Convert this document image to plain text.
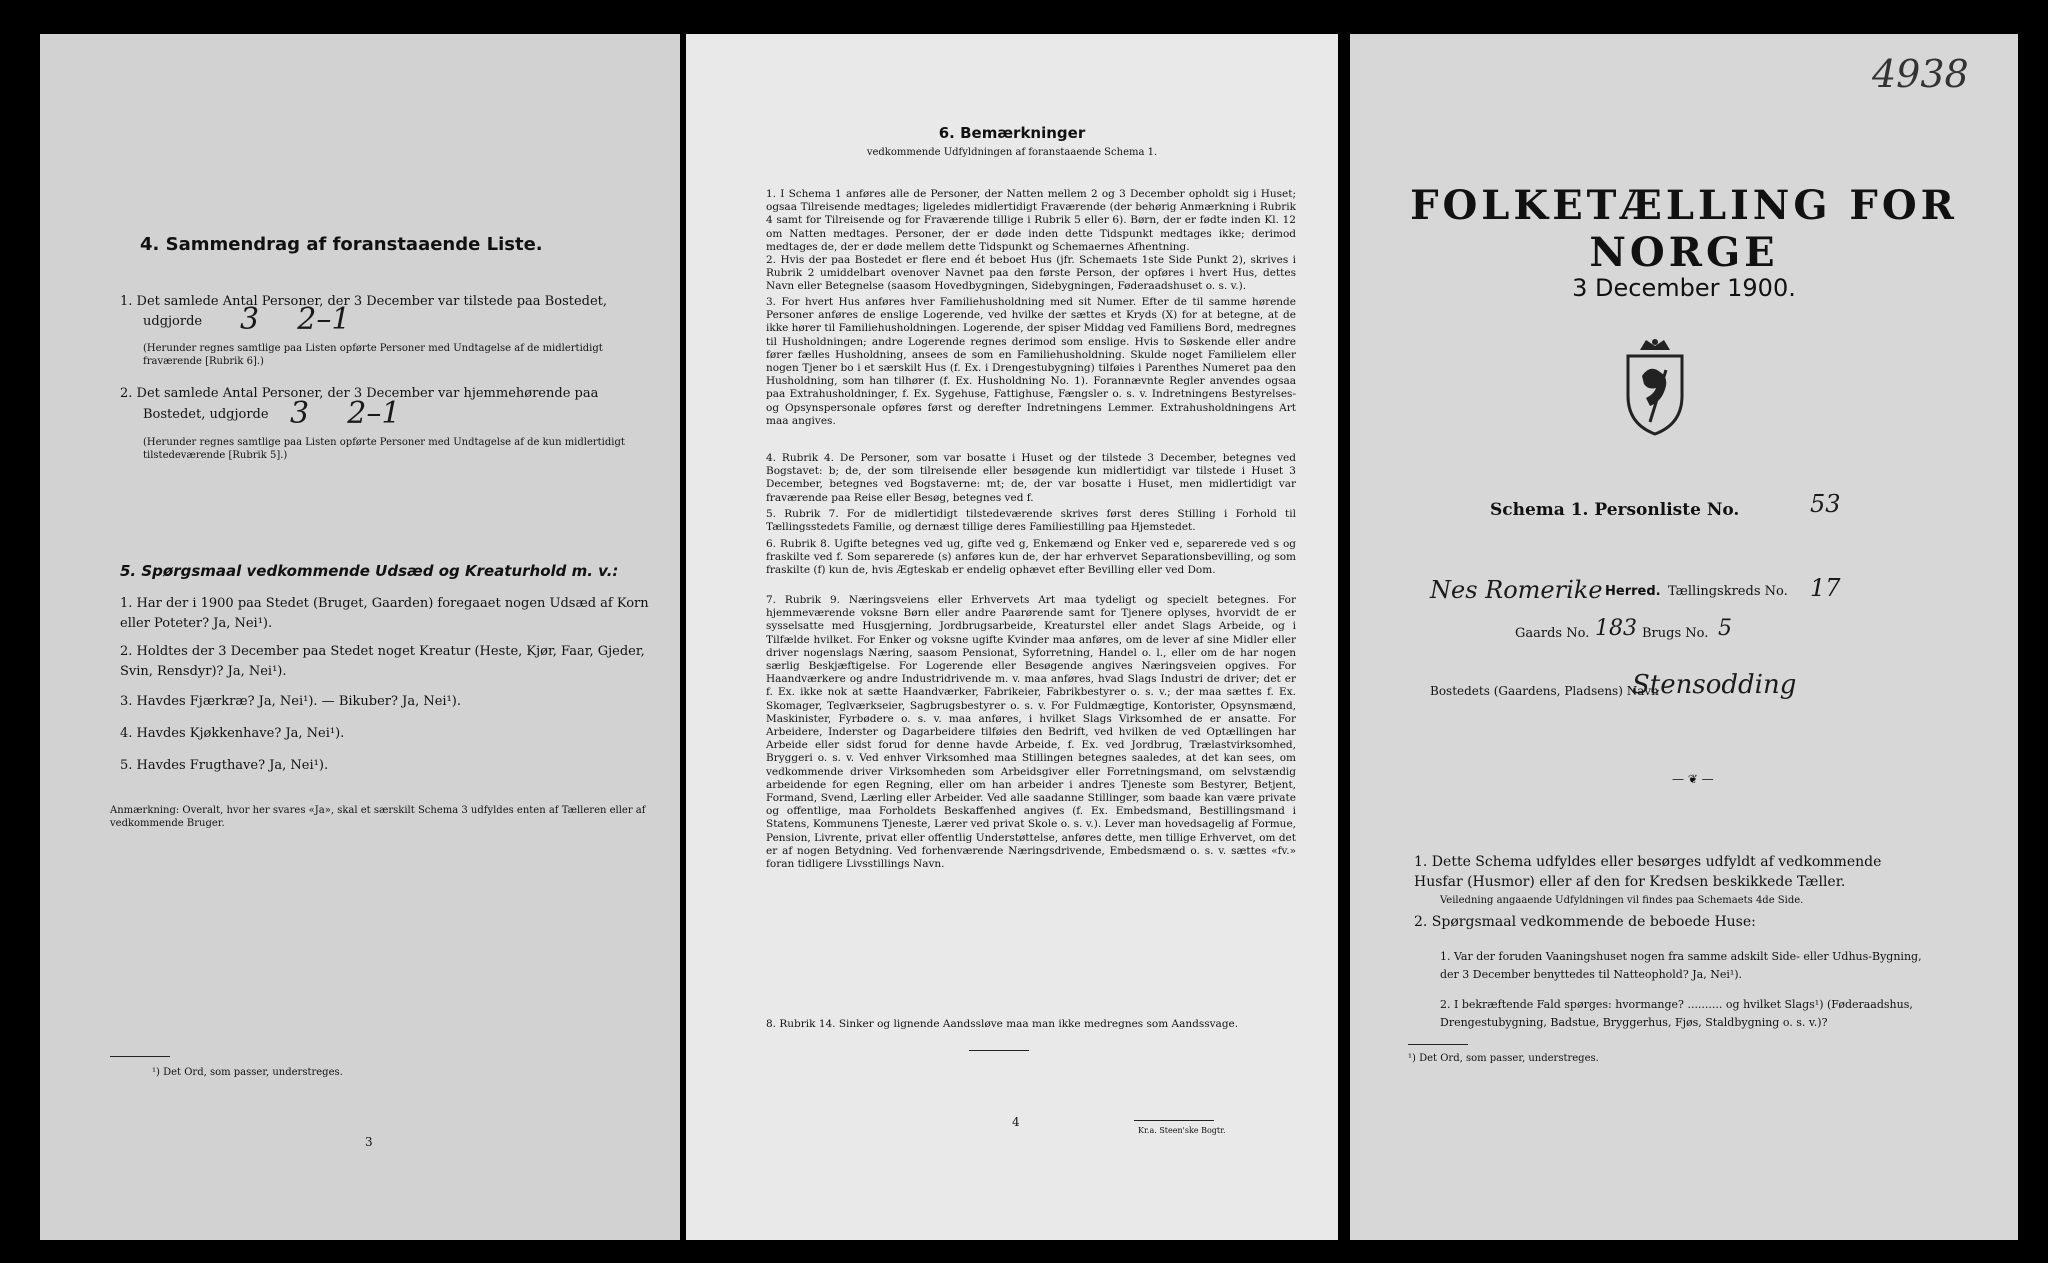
4. Sammendrag af foranstaaende Liste.
1. Det samlede Antal Personer, der 3 December var tilstede paa Bostedet,
udgjorde 3    2–1
(Herunder regnes samtlige paa Listen opførte Personer med Undtagelse af de midlertidigt fraværende [Rubrik 6].)
2. Det samlede Antal Personer, der 3 December var hjemmehørende paa
Bostedet, udgjorde 3    2–1
(Herunder regnes samtlige paa Listen opførte Personer med Undtagelse af de kun midlertidigt tilstedeværende [Rubrik 5].)
5. Spørgsmaal vedkommende Udsæd og Kreaturhold m. v.:
1. Har der i 1900 paa Stedet (Bruget, Gaarden) foregaaet nogen Udsæd af Korn eller Poteter? Ja, Nei¹).
2. Holdtes der 3 December paa Stedet noget Kreatur (Heste, Kjør, Faar, Gjeder, Svin, Rensdyr)? Ja, Nei¹).
3. Havdes Fjærkræ? Ja, Nei¹). — Bikuber? Ja, Nei¹).
4. Havdes Kjøkkenhave? Ja, Nei¹).
5. Havdes Frugthave? Ja, Nei¹).
Anmærkning: Overalt, hvor her svares «Ja», skal et særskilt Schema 3 udfyldes enten af Tælleren eller af vedkommende Bruger.
¹) Det Ord, som passer, understreges.
3
6. Bemærkninger
vedkommende Udfyldningen af foranstaaende Schema 1.
1. I Schema 1 anføres alle de Personer, der Natten mellem 2 og 3 December opholdt sig i Huset; ogsaa Tilreisende medtages; ligeledes midlertidigt Fraværende (der behørig Anmærkning i Rubrik 4 samt for Tilreisende og for Fraværende tillige i Rubrik 5 eller 6). Børn, der er fødte inden Kl. 12 om Natten medtages. Personer, der er døde inden dette Tidspunkt medtages ikke; derimod medtages de, der er døde mellem dette Tidspunkt og Schemaernes Afhentning.
2. Hvis der paa Bostedet er flere end ét beboet Hus (jfr. Schemaets 1ste Side Punkt 2), skrives i Rubrik 2 umiddelbart ovenover Navnet paa den første Person, der opføres i hvert Hus, dettes Navn eller Betegnelse (saasom Hovedbygningen, Sidebygningen, Føderaadshuset o. s. v.).
3. For hvert Hus anføres hver Familiehusholdning med sit Numer. Efter de til samme hørende Personer anføres de enslige Logerende, ved hvilke der sættes et Kryds (X) for at betegne, at de ikke hører til Familiehusholdningen. Logerende, der spiser Middag ved Familiens Bord, medregnes til Husholdningen; andre Logerende regnes derimod som enslige. Hvis to Søskende eller andre fører fælles Husholdning, ansees de som en Familiehusholdning. Skulde noget Familielem eller nogen Tjener bo i et særskilt Hus (f. Ex. i Drengestubygning) tilføies i Parenthes Numeret paa den Husholdning, som han tilhører (f. Ex. Husholdning No. 1). Forannævnte Regler anvendes ogsaa paa Extrahusholdninger, f. Ex. Sygehuse, Fattighuse, Fængsler o. s. v. Indretningens Bestyrelses- og Opsynspersonale opføres først og derefter Indretningens Lemmer. Extrahusholdningens Art maa angives.
4. Rubrik 4. De Personer, som var bosatte i Huset og der tilstede 3 December, betegnes ved Bogstavet: b; de, der som tilreisende eller besøgende kun midlertidigt var tilstede i Huset 3 December, betegnes ved Bogstaverne: mt; de, der var bosatte i Huset, men midlertidigt var fraværende paa Reise eller Besøg, betegnes ved f.
5. Rubrik 7. For de midlertidigt tilstedeværende skrives først deres Stilling i Forhold til Tællingsstedets Familie, og dernæst tillige deres Familiestilling paa Hjemstedet.
6. Rubrik 8. Ugifte betegnes ved ug, gifte ved g, Enkemænd og Enker ved e, separerede ved s og fraskilte ved f. Som separerede (s) anføres kun de, der har erhvervet Separationsbevilling, og som fraskilte (f) kun de, hvis Ægteskab er endelig ophævet efter Bevilling eller ved Dom.
7. Rubrik 9. Næringsveiens eller Erhvervets Art maa tydeligt og specielt betegnes. For hjemmeværende voksne Børn eller andre Paarørende samt for Tjenere oplyses, hvorvidt de er sysselsatte med Husgjerning, Jordbrugsarbeide, Kreaturstel eller andet Slags Arbeide, og i Tilfælde hvilket. For Enker og voksne ugifte Kvinder maa anføres, om de lever af sine Midler eller driver nogenslags Næring, saasom Pensionat, Syforretning, Handel o. l., eller om de har nogen særlig Beskjæftigelse. For Logerende eller Besøgende angives Næringsveien opgives. For Haandværkere og andre Industridrivende m. v. maa anføres, hvad Slags Industri de driver; det er f. Ex. ikke nok at sætte Haandværker, Fabrikeier, Fabrikbestyrer o. s. v.; der maa sættes f. Ex. Skomager, Teglværkseier, Sagbrugsbestyrer o. s. v. For Fuldmægtige, Kontorister, Opsynsmænd, Maskinister, Fyrbødere o. s. v. maa anføres, i hvilket Slags Virksomhed de er ansatte. For Arbeidere, Inderster og Dagarbeidere tilføies den Bedrift, ved hvilken de ved Optællingen har Arbeide eller sidst forud for denne havde Arbeide, f. Ex. ved Jordbrug, Trælastvirksomhed, Bryggeri o. s. v. Ved enhver Virksomhed maa Stillingen betegnes saaledes, at det kan sees, om vedkommende driver Virksomheden som Arbeidsgiver eller Forretningsmand, om selvstændig arbeidende for egen Regning, eller om han arbeider i andres Tjeneste som Bestyrer, Betjent, Formand, Svend, Lærling eller Arbeider. Ved alle saadanne Stillinger, som baade kan være private og offentlige, maa Forholdets Beskaffenhed angives (f. Ex. Embedsmand, Bestillingsmand i Statens, Kommunens Tjeneste, Lærer ved privat Skole o. s. v.). Lever man hovedsagelig af Formue, Pension, Livrente, privat eller offentlig Understøttelse, anføres dette, men tillige Erhvervet, om det er af nogen Betydning. Ved forhenværende Næringsdrivende, Embedsmænd o. s. v. sættes «fv.» foran tidligere Livsstillings Navn.
8. Rubrik 14. Sinker og lignende Aandssløve maa man ikke medregnes som Aandssvage.
4
Kr.a. Steen'ske Bogtr.
4938
FOLKETÆLLING FOR NORGE
3 December 1900.
Schema 1. Personliste No.	53
Nes Romerike Herred. Tællingskreds No. 17
Gaards No. 183 Brugs No. 5
Bostedets (Gaardens, Pladsens) Navn
Stensodding
— ❦ —
1. Dette Schema udfyldes eller besørges udfyldt af vedkommende Husfar (Husmor) eller af den for Kredsen beskikkede Tæller.
Veiledning angaaende Udfyldningen vil findes paa Schemaets 4de Side.
2. Spørgsmaal vedkommende de beboede Huse:
1. Var der foruden Vaaningshuset nogen fra samme adskilt Side- eller Udhus-Bygning, der 3 December benyttedes til Natteophold? Ja, Nei¹).
2. I bekræftende Fald spørges: hvormange? .......... og hvilket Slags¹) (Føderaadshus, Drengestubygning, Badstue, Bryggerhus, Fjøs, Staldbygning o. s. v.)?
¹) Det Ord, som passer, understreges.
